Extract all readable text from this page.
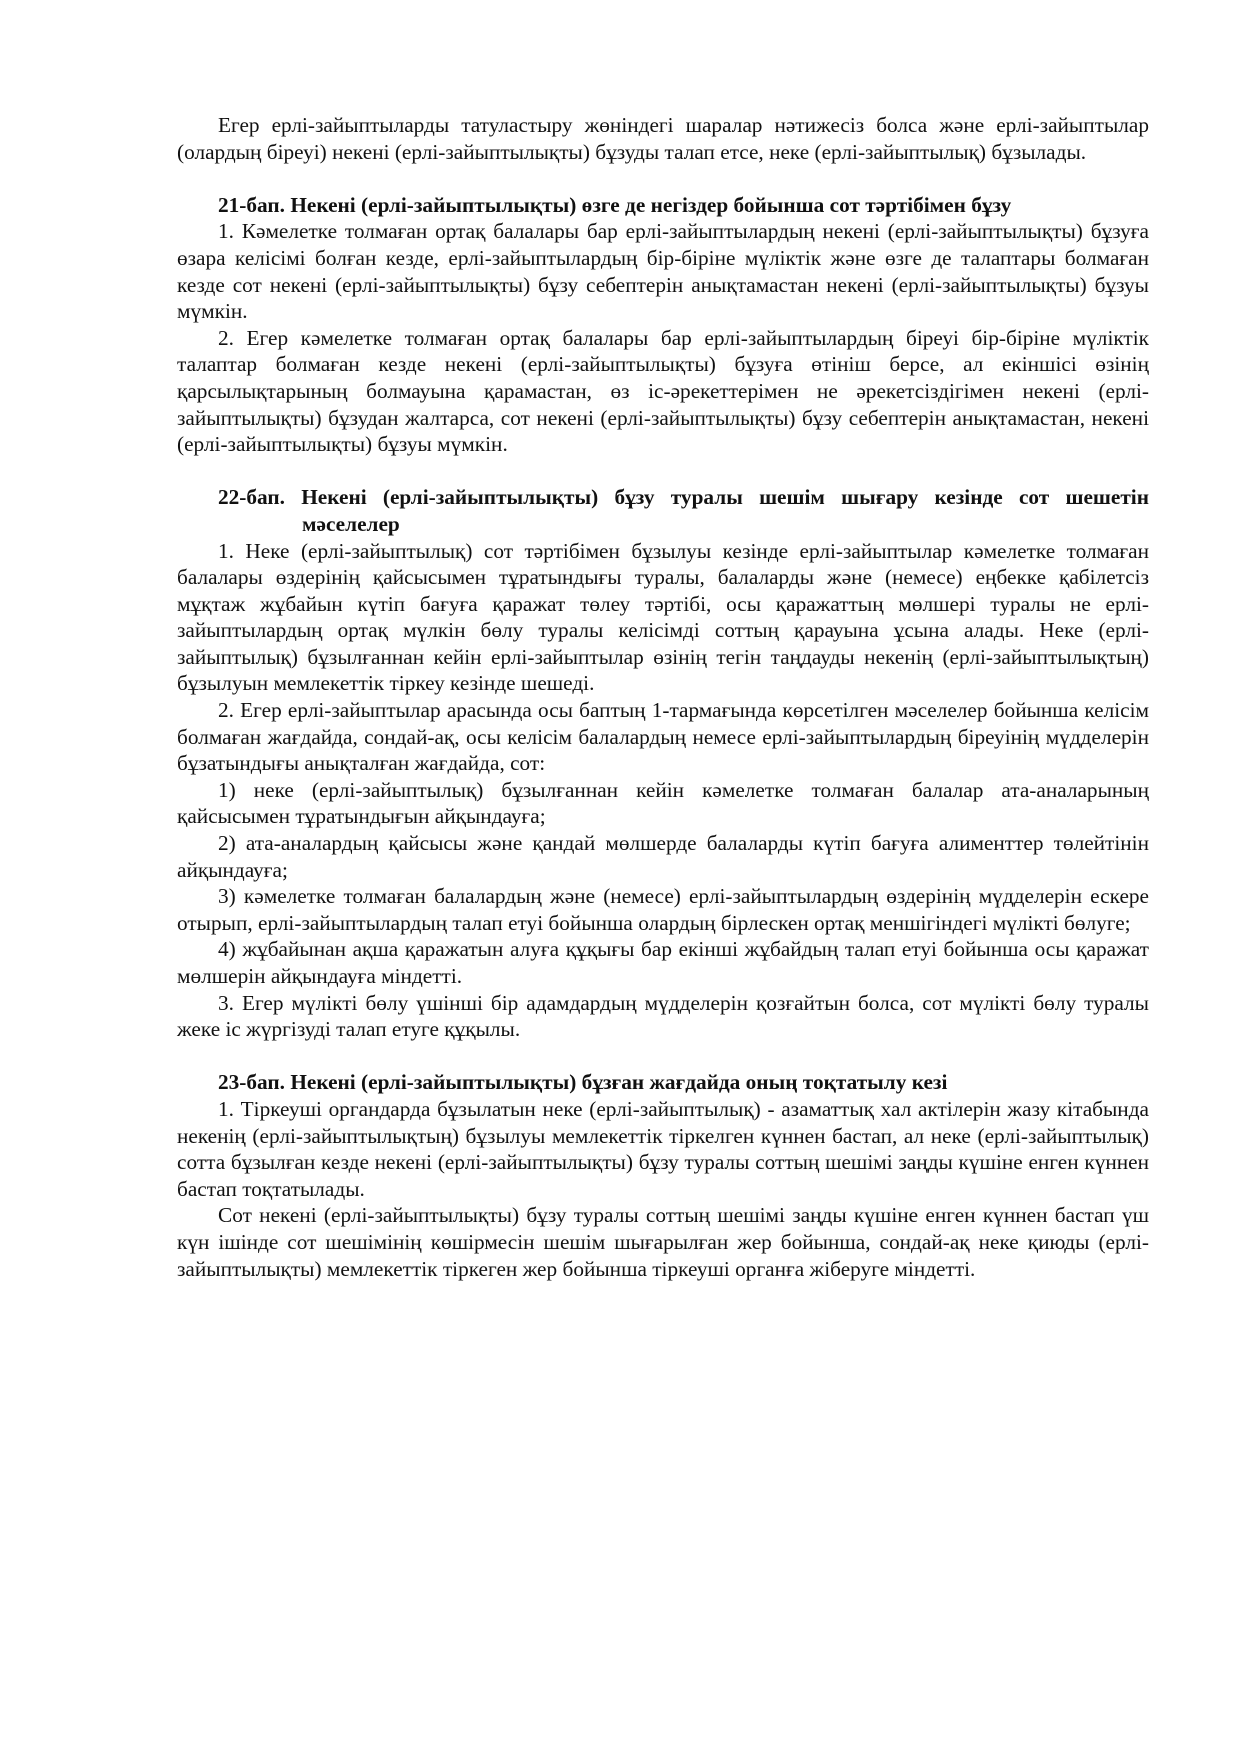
Егер ерлі-зайыптыларды татуластыру жөніндегі шаралар нәтижесіз болса және ерлі-зайыптылар (олардың біреуі) некені (ерлі-зайыптылықты) бұзуды талап етсе, неке (ерлі-зайыптылық) бұзылады.

21-бап. Некені (ерлі-зайыптылықты) өзге де негіздер бойынша сот тәртібімен бұзу

1. Кәмелетке толмаған ортақ балалары бар ерлі-зайыптылардың некені (ерлі-зайыптылықты) бұзуға өзара келісімі болған кезде, ерлі-зайыптылардың бір-біріне мүліктік және өзге де талаптары болмаған кезде сот некені (ерлі-зайыптылықты) бұзу себептерін анықтамастан некені (ерлі-зайыптылықты) бұзуы мүмкін.

2. Егер кәмелетке толмаған ортақ балалары бар ерлі-зайыптылардың біреуі бір-біріне мүліктік талаптар болмаған кезде некені (ерлі-зайыптылықты) бұзуға өтініш берсе, ал екіншісі өзінің қарсылықтарының болмауына қарамастан, өз іс-әрекеттерімен не әрекетсіздігімен некені (ерлі-зайыптылықты) бұзудан жалтарса, сот некені (ерлі-зайыптылықты) бұзу себептерін анықтамастан, некені (ерлі-зайыптылықты) бұзуы мүмкін.

22-бап. Некені (ерлі-зайыптылықты) бұзу туралы шешім шығару кезінде сот шешетін мәселелер

1. Неке (ерлі-зайыптылық) сот тәртібімен бұзылуы кезінде ерлі-зайыптылар кәмелетке толмаған балалары өздерінің қайсысымен тұратындығы туралы, балаларды және (немесе) еңбекке қабілетсіз мұқтаж жұбайын күтіп бағуға қаражат төлеу тәртібі, осы қаражаттың мөлшері туралы не ерлі-зайыптылардың ортақ мүлкін бөлу туралы келісімді соттың қарауына ұсына алады. Неке (ерлі-зайыптылық) бұзылғаннан кейін ерлі-зайыптылар өзінің тегін таңдауды некенің (ерлі-зайыптылықтың) бұзылуын мемлекеттік тіркеу кезінде шешеді.

2. Егер ерлі-зайыптылар арасында осы баптың 1-тармағында көрсетілген мәселелер бойынша келісім болмаған жағдайда, сондай-ақ, осы келісім балалардың немесе ерлі-зайыптылардың біреуінің мүдделерін бұзатындығы анықталған жағдайда, сот:

1) неке (ерлі-зайыптылық) бұзылғаннан кейін кәмелетке толмаған балалар ата-аналарының қайсысымен тұратындығын айқындауға;

2) ата-аналардың қайсысы және қандай мөлшерде балаларды күтіп бағуға алименттер төлейтінін айқындауға;

3) кәмелетке толмаған балалардың және (немесе) ерлі-зайыптылардың өздерінің мүдделерін ескере отырып, ерлі-зайыптылардың талап етуі бойынша олардың бірлескен ортақ меншігіндегі мүлікті бөлуге;

4) жұбайынан ақша қаражатын алуға құқығы бар екінші жұбайдың талап етуі бойынша осы қаражат мөлшерін айқындауға міндетті.

3. Егер мүлікті бөлу үшінші бір адамдардың мүдделерін қозғайтын болса, сот мүлікті бөлу туралы жеке іс жүргізуді талап етуге құқылы.

23-бап. Некені (ерлі-зайыптылықты) бұзған жағдайда оның тоқтатылу кезі

1. Тіркеуші органдарда бұзылатын неке (ерлі-зайыптылық) - азаматтық хал актілерін жазу кітабында некенің (ерлі-зайыптылықтың) бұзылуы мемлекеттік тіркелген күннен бастап, ал неке (ерлі-зайыптылық) сотта бұзылған кезде некені (ерлі-зайыптылықты) бұзу туралы соттың шешімі заңды күшіне енген күннен бастап тоқтатылады.

Сот некені (ерлі-зайыптылықты) бұзу туралы соттың шешімі заңды күшіне енген күннен бастап үш күн ішінде сот шешімінің көшірмесін шешім шығарылған жер бойынша, сондай-ақ неке қиюды (ерлі-зайыптылықты) мемлекеттік тіркеген жер бойынша тіркеуші органға жіберуге міндетті.
